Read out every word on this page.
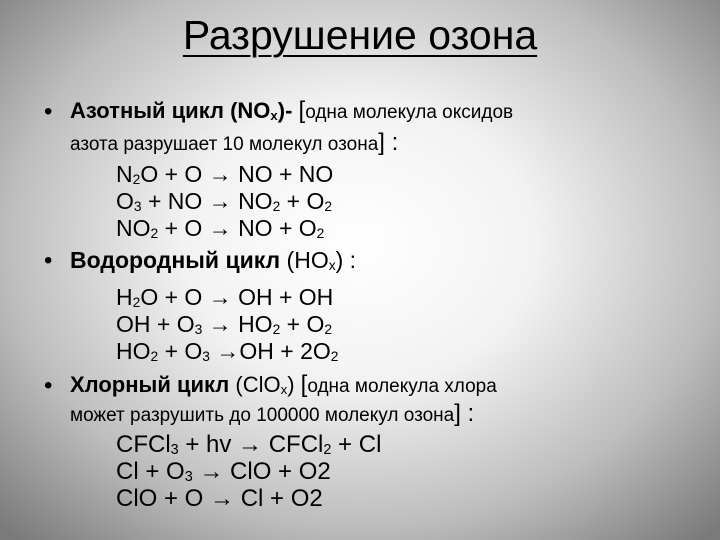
Разрушение озона
• Азотный цикл $(NO_x)-$ [одна молекула оксидов
азота разрушает 10 молекул озона] :
$N_2O + O$ → NO + NO
$O_3$ + NO → $NO_2 + O_2$
$NO_2 + O$ → NO + $O_2$
• Водородный цикл $(HO_x)$ :
$H_2O + O$ → OH + OH
OH + $O_3 \to HO_2 + O_2$
$HO_2 + O_3 \to OH + 2O_2$
• Хлорный цикл (ClO$_x$) [одна молекула хлора
может разрушить до 100000 молекул озона] :
CFCl$_3$ + hv → CFCl$_2$ + Cl
$Cl + O_3$ → ClO + O2
ClO + O → Cl + O2
